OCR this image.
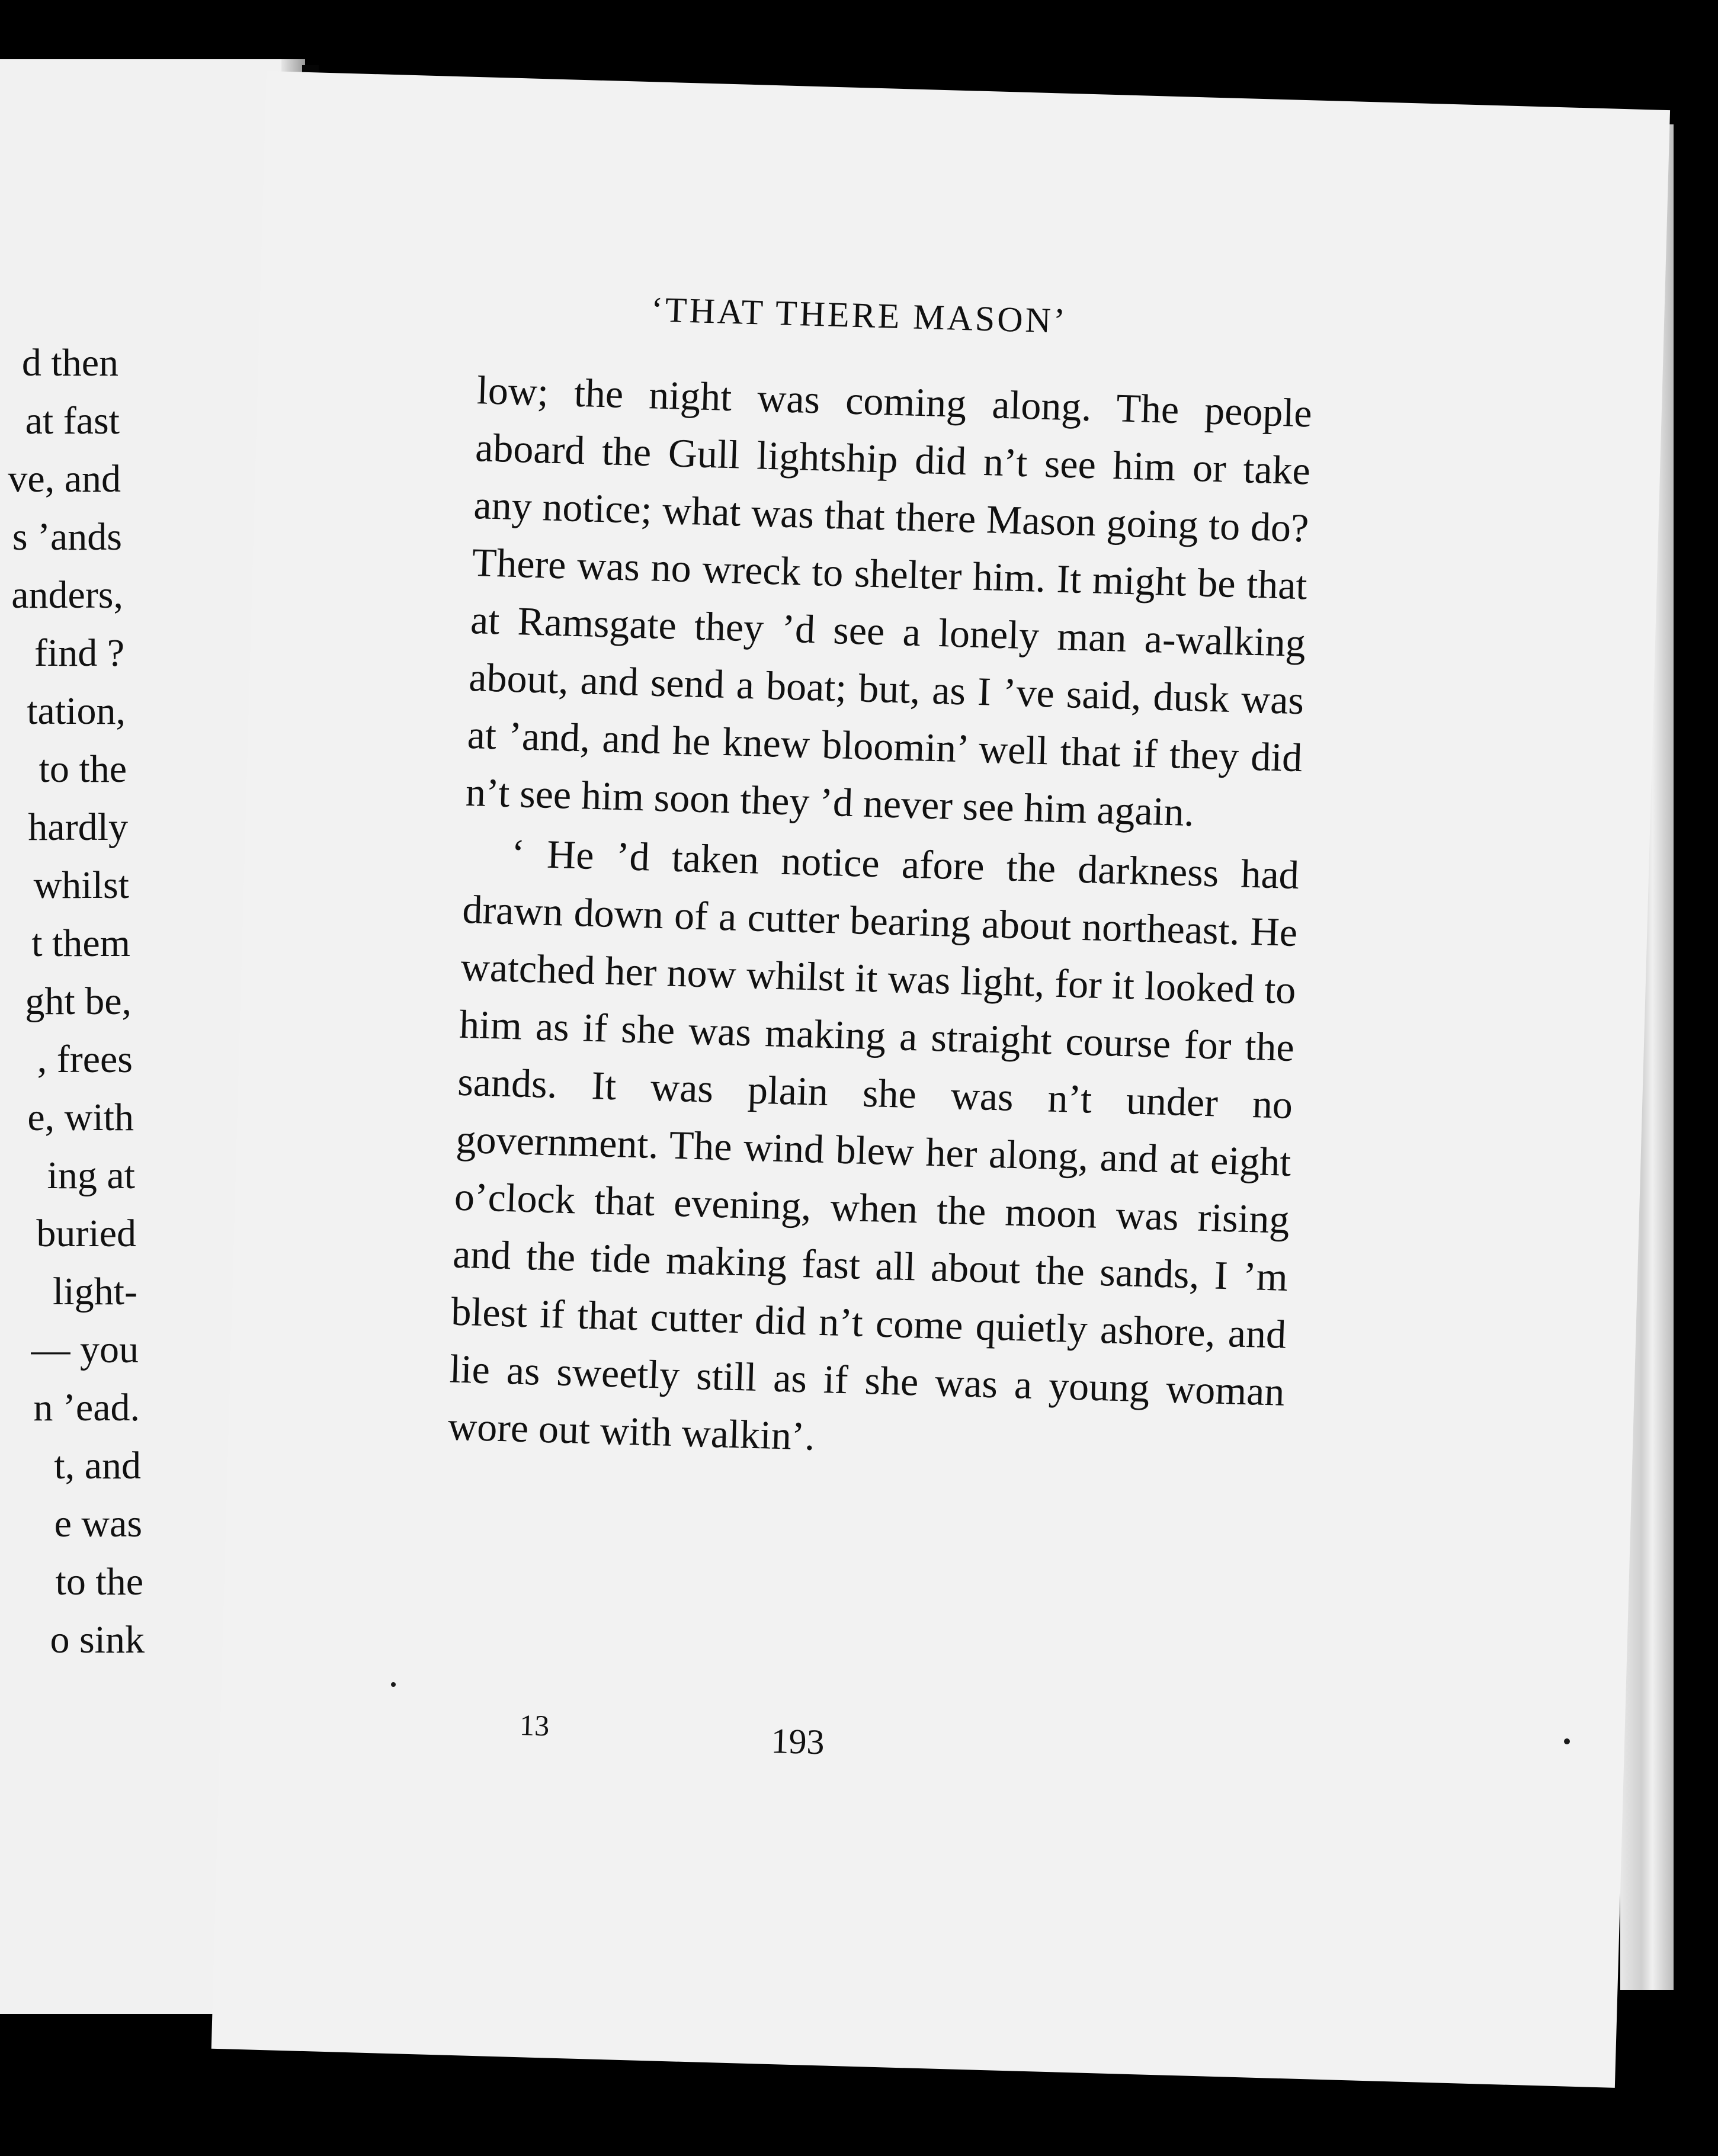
d then
at fast
ve, and
s ’ands
anders,
find ?
tation,
to the
hardly
whilst
t them
ght be,
, frees
e, with
ing at
buried
light-
— you
n ’ead.
t, and
e was
to the
o sink
‘THAT THERE MASON’

low; the night was coming along. The people aboard the Gull lightship did n’t see him or take any notice; what was that there Mason going to do? There was no wreck to shelter him. It might be that at Ramsgate they ’d see a lonely man a-walking about, and send a boat; but, as I ’ve said, dusk was at ’and, and he knew bloomin’ well that if they did n’t see him soon they ’d never see him again.

‘ He ’d taken notice afore the darkness had drawn down of a cutter bearing about northeast. He watched her now whilst it was light, for it looked to him as if she was making a straight course for the sands. It was plain she was n’t under no government. The wind blew her along, and at eight o’clock that evening, when the moon was rising and the tide making fast all about the sands, I ’m blest if that cutter did n’t come quietly ashore, and lie as sweetly still as if she was a young woman wore out with walkin’.

13	193
